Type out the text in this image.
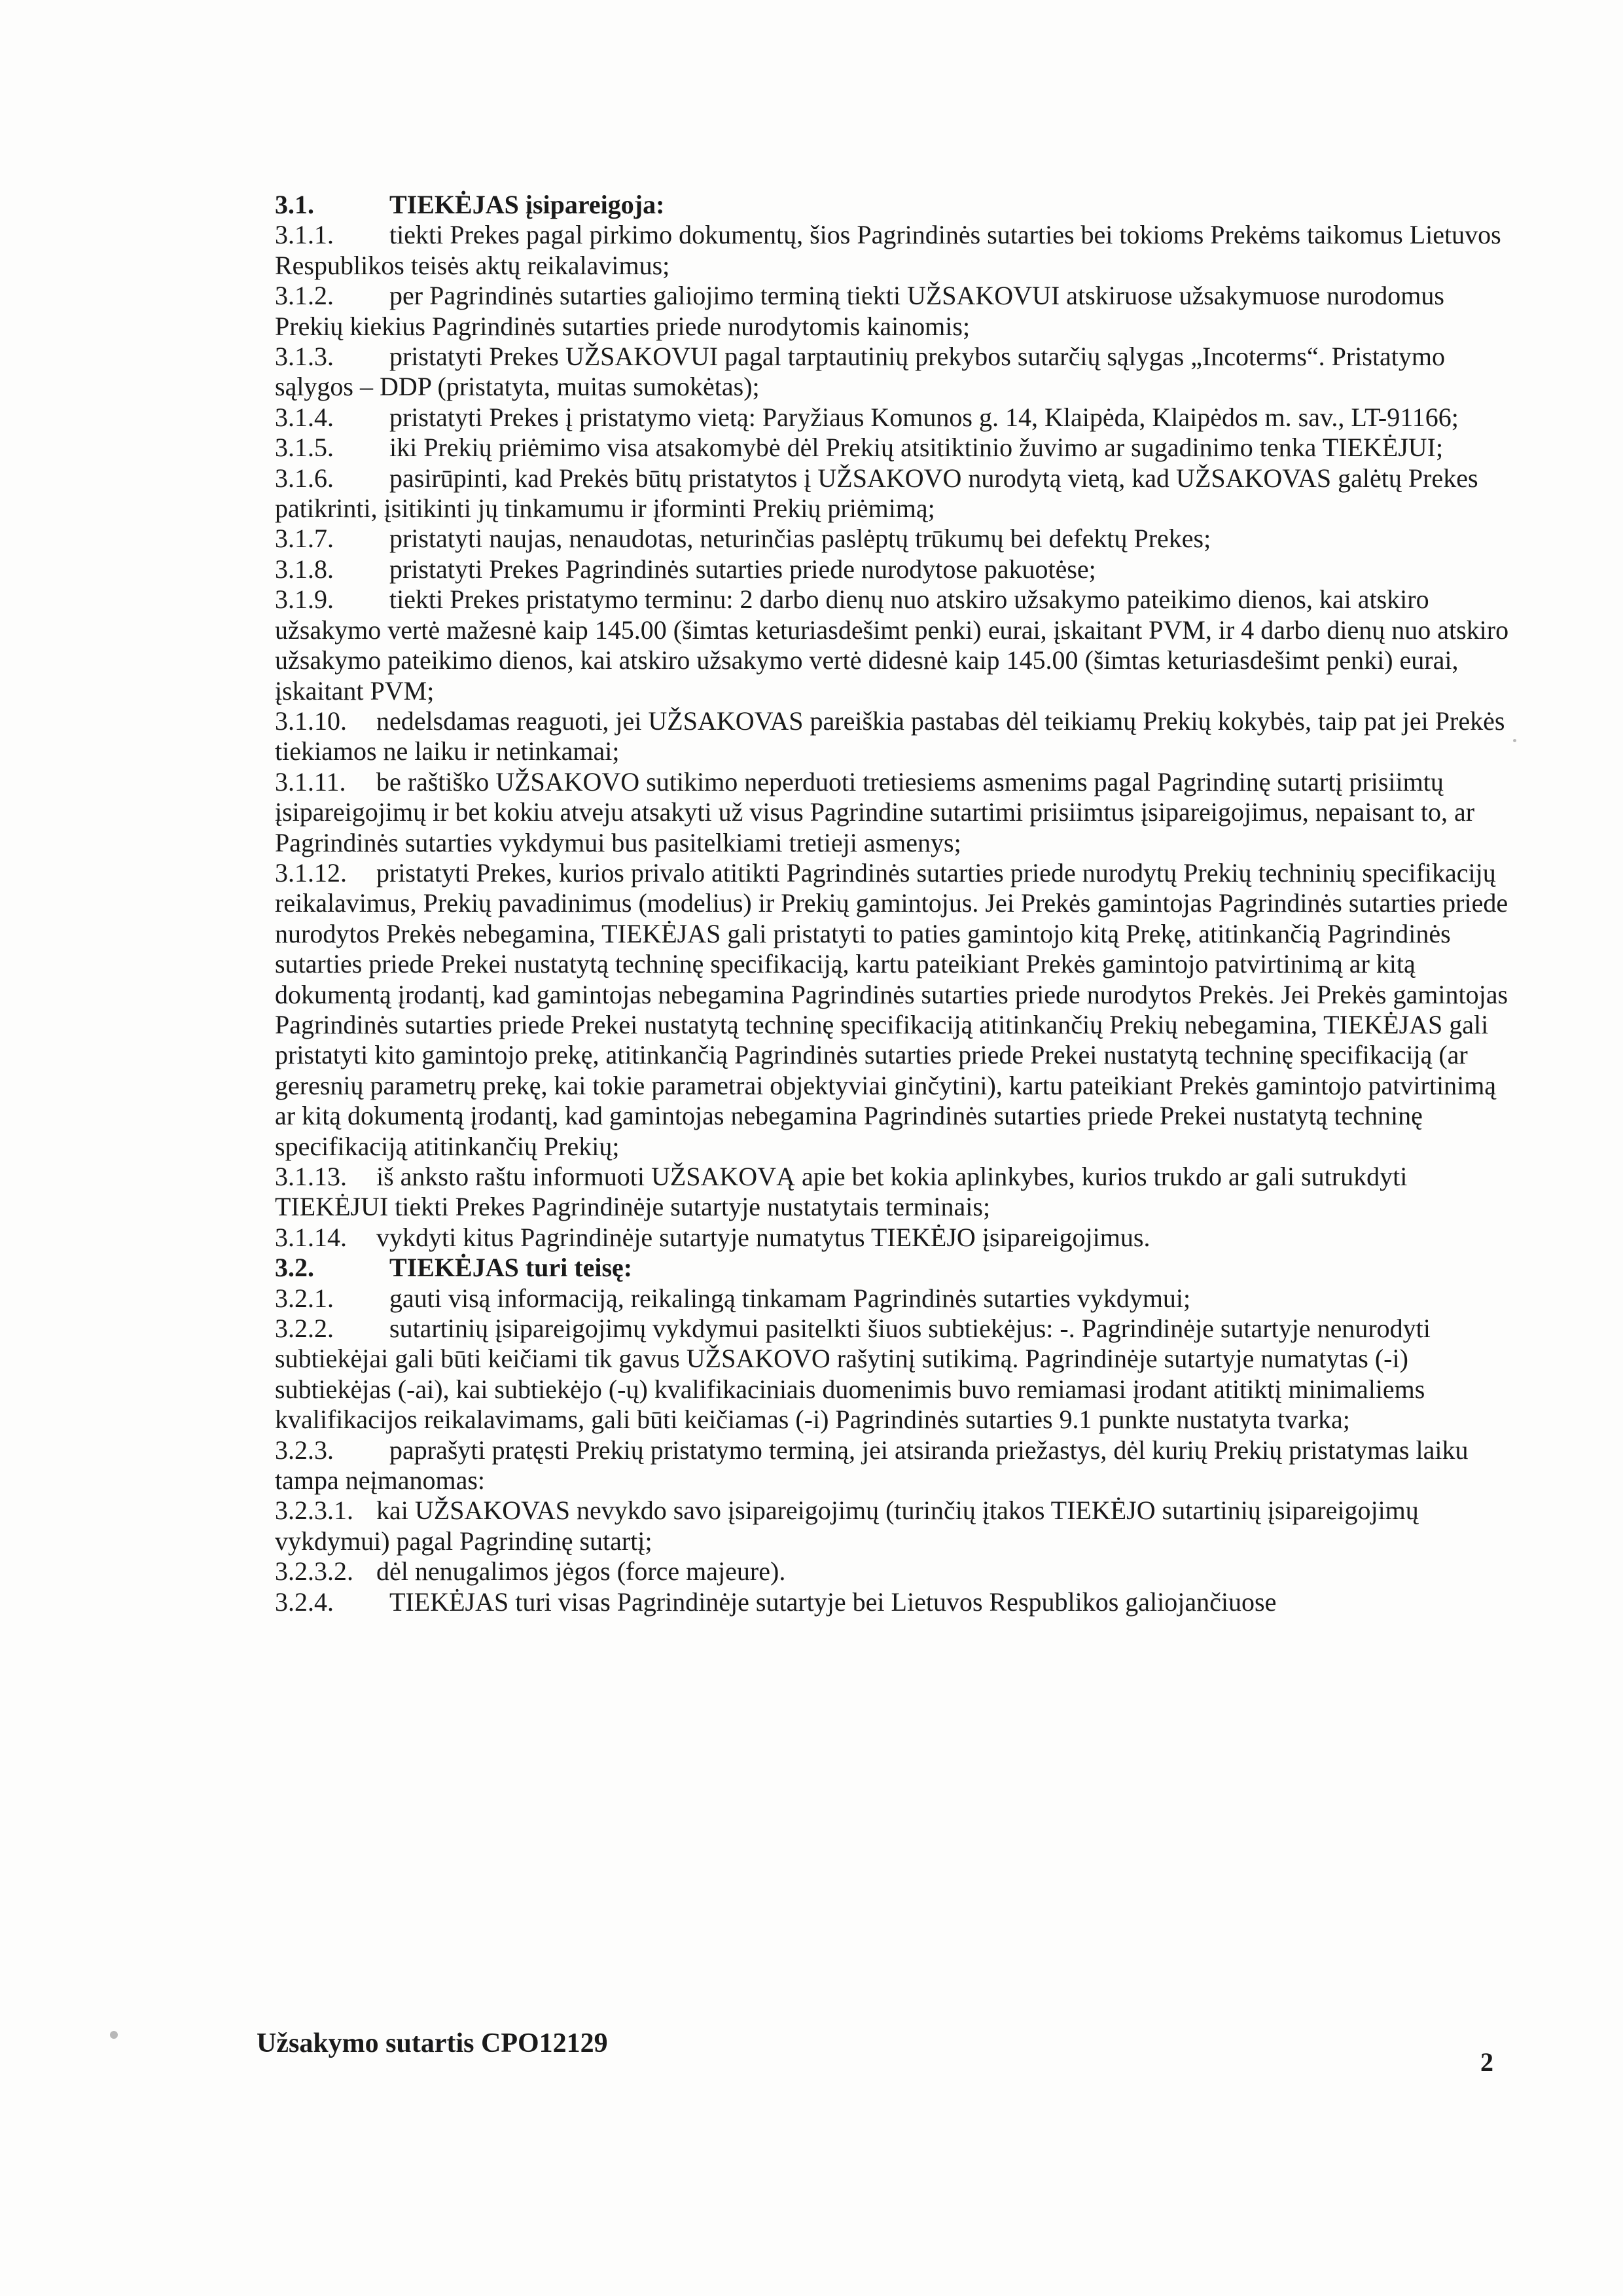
3.1.	TIEKĖJAS įsipareigoja:

3.1.1. tiekti Prekes pagal pirkimo dokumentų, šios Pagrindinės sutarties bei tokioms Prekėms taikomus Lietuvos Respublikos teisės aktų reikalavimus;

3.1.2. per Pagrindinės sutarties galiojimo terminą tiekti UŽSAKOVUI atskiruose užsakymuose nurodomus Prekių kiekius Pagrindinės sutarties priede nurodytomis kainomis;

3.1.3. pristatyti Prekes UŽSAKOVUI pagal tarptautinių prekybos sutarčių sąlygas „Incoterms“. Pristatymo sąlygos – DDP (pristatyta, muitas sumokėtas);

3.1.4. pristatyti Prekes į pristatymo vietą: Paryžiaus Komunos g. 14, Klaipėda, Klaipėdos m. sav., LT-91166;

3.1.5. iki Prekių priėmimo visa atsakomybė dėl Prekių atsitiktinio žuvimo ar sugadinimo tenka TIEKĖJUI;

3.1.6. pasirūpinti, kad Prekės būtų pristatytos į UŽSAKOVO nurodytą vietą, kad UŽSAKOVAS galėtų Prekes patikrinti, įsitikinti jų tinkamumu ir įforminti Prekių priėmimą;

3.1.7. pristatyti naujas, nenaudotas, neturinčias paslėptų trūkumų bei defektų Prekes;

3.1.8. pristatyti Prekes Pagrindinės sutarties priede nurodytose pakuotėse;

3.1.9. tiekti Prekes pristatymo terminu: 2 darbo dienų nuo atskiro užsakymo pateikimo dienos, kai atskiro užsakymo vertė mažesnė kaip 145.00 (šimtas keturiasdešimt penki) eurai, įskaitant PVM, ir 4 darbo dienų nuo atskiro užsakymo pateikimo dienos, kai atskiro užsakymo vertė didesnė kaip 145.00 (šimtas keturiasdešimt penki) eurai, įskaitant PVM;

3.1.10. nedelsdamas reaguoti, jei UŽSAKOVAS pareiškia pastabas dėl teikiamų Prekių kokybės, taip pat jei Prekės tiekiamos ne laiku ir netinkamai;

3.1.11. be raštiško UŽSAKOVO sutikimo neperduoti tretiesiems asmenims pagal Pagrindinę sutartį prisiimtų įsipareigojimų ir bet kokiu atveju atsakyti už visus Pagrindine sutartimi prisiimtus įsipareigojimus, nepaisant to, ar Pagrindinės sutarties vykdymui bus pasitelkiami tretieji asmenys;

3.1.12. pristatyti Prekes, kurios privalo atitikti Pagrindinės sutarties priede nurodytų Prekių techninių specifikacijų reikalavimus, Prekių pavadinimus (modelius) ir Prekių gamintojus. Jei Prekės gamintojas Pagrindinės sutarties priede nurodytos Prekės nebegamina, TIEKĖJAS gali pristatyti to paties gamintojo kitą Prekę, atitinkančią Pagrindinės sutarties priede Prekei nustatytą techninę specifikaciją, kartu pateikiant Prekės gamintojo patvirtinimą ar kitą dokumentą įrodantį, kad gamintojas nebegamina Pagrindinės sutarties priede nurodytos Prekės. Jei Prekės gamintojas Pagrindinės sutarties priede Prekei nustatytą techninę specifikaciją atitinkančių Prekių nebegamina, TIEKĖJAS gali pristatyti kito gamintojo prekę, atitinkančią Pagrindinės sutarties priede Prekei nustatytą techninę specifikaciją (ar geresnių parametrų prekę, kai tokie parametrai objektyviai ginčytini), kartu pateikiant Prekės gamintojo patvirtinimą ar kitą dokumentą įrodantį, kad gamintojas nebegamina Pagrindinės sutarties priede Prekei nustatytą techninę specifikaciją atitinkančių Prekių;

3.1.13. iš anksto raštu informuoti UŽSAKOVĄ apie bet kokia aplinkybes, kurios trukdo ar gali sutrukdyti TIEKĖJUI tiekti Prekes Pagrindinėje sutartyje nustatytais terminais;

3.1.14. vykdyti kitus Pagrindinėje sutartyje numatytus TIEKĖJO įsipareigojimus.

3.2.	TIEKĖJAS turi teisę:

3.2.1. gauti visą informaciją, reikalingą tinkamam Pagrindinės sutarties vykdymui;

3.2.2. sutartinių įsipareigojimų vykdymui pasitelkti šiuos subtiekėjus: -. Pagrindinėje sutartyje nenurodyti subtiekėjai gali būti keičiami tik gavus UŽSAKOVO rašytinį sutikimą. Pagrindinėje sutartyje numatytas (-i) subtiekėjas (-ai), kai subtiekėjo (-ų) kvalifikaciniais duomenimis buvo remiamasi įrodant atitiktį minimaliems kvalifikacijos reikalavimams, gali būti keičiamas (-i) Pagrindinės sutarties 9.1 punkte nustatyta tvarka;

3.2.3. paprašyti pratęsti Prekių pristatymo terminą, jei atsiranda priežastys, dėl kurių Prekių pristatymas laiku tampa neįmanomas:

3.2.3.1. kai UŽSAKOVAS nevykdo savo įsipareigojimų (turinčių įtakos TIEKĖJO sutartinių įsipareigojimų vykdymui) pagal Pagrindinę sutartį;

3.2.3.2. dėl nenugalimos jėgos (force majeure).

3.2.4. TIEKĖJAS turi visas Pagrindinėje sutartyje bei Lietuvos Respublikos galiojančiuose

Užsakymo sutartis CPO12129
2
